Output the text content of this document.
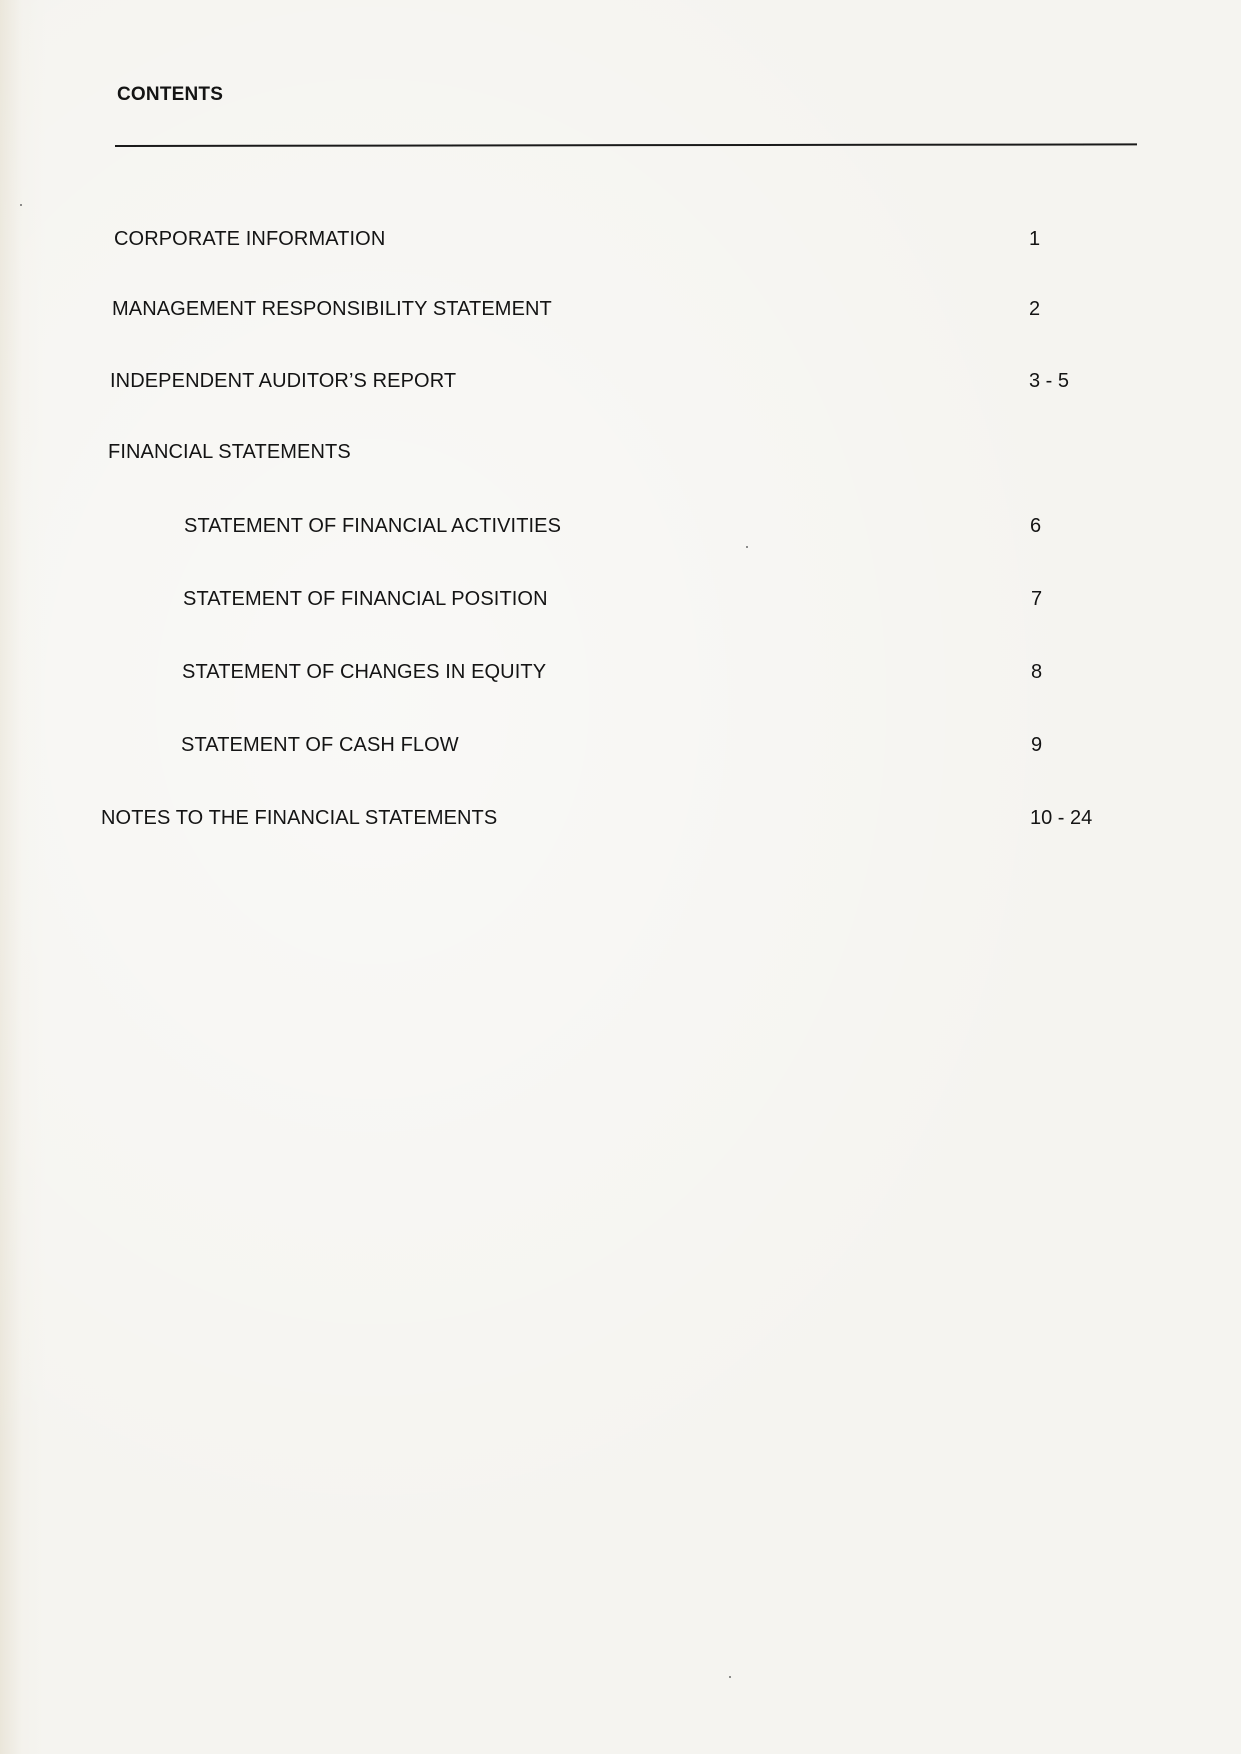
CONTENTS
CORPORATE INFORMATION	1
MANAGEMENT RESPONSIBILITY STATEMENT	2
INDEPENDENT AUDITOR’S REPORT	3 - 5
FINANCIAL STATEMENTS
STATEMENT OF FINANCIAL ACTIVITIES	6
STATEMENT OF FINANCIAL POSITION	7
STATEMENT OF CHANGES IN EQUITY	8
STATEMENT OF CASH FLOW	9
NOTES TO THE FINANCIAL STATEMENTS	10 - 24
